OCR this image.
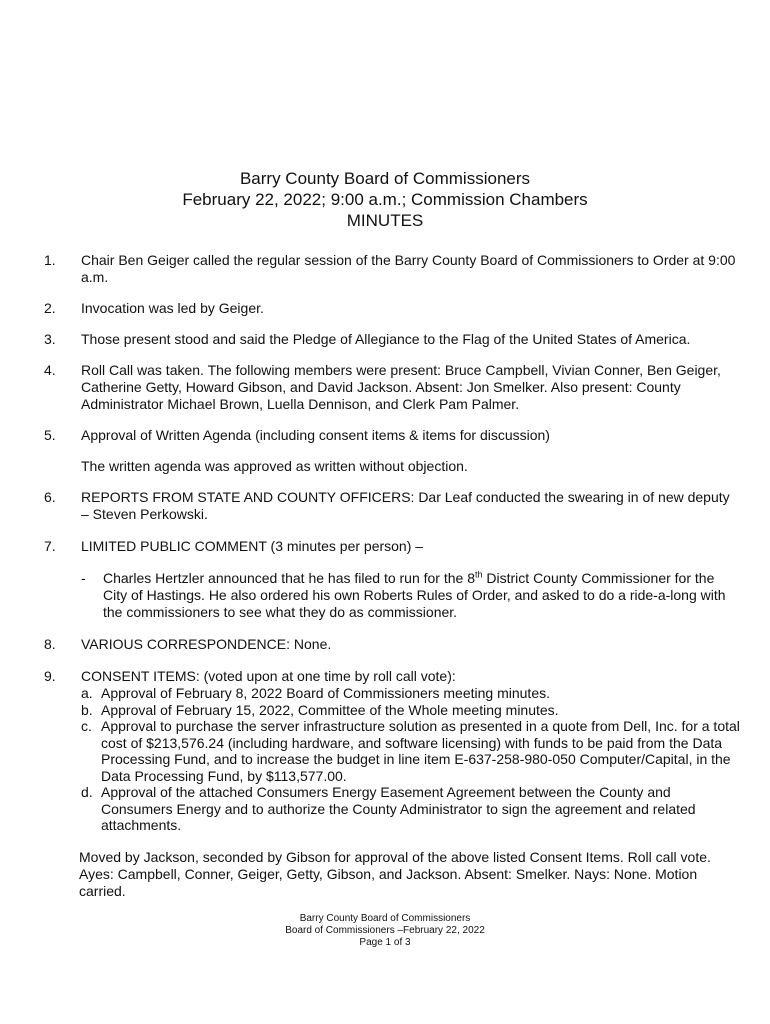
Barry County Board of Commissioners
February 22, 2022; 9:00 a.m.; Commission Chambers
MINUTES
1.	Chair Ben Geiger called the regular session of the Barry County Board of Commissioners to Order at 9:00 a.m.

2.	Invocation was led by Geiger.

3.	Those present stood and said the Pledge of Allegiance to the Flag of the United States of America.

4.	Roll Call was taken. The following members were present: Bruce Campbell, Vivian Conner, Ben Geiger, Catherine Getty, Howard Gibson, and David Jackson. Absent: Jon Smelker. Also present: County Administrator Michael Brown, Luella Dennison, and Clerk Pam Palmer.

5.	Approval of Written Agenda (including consent items & items for discussion)

The written agenda was approved as written without objection.

6.	REPORTS FROM STATE AND COUNTY OFFICERS: Dar Leaf conducted the swearing in of new deputy – Steven Perkowski.

7.	LIMITED PUBLIC COMMENT (3 minutes per person) –

- Charles Hertzler announced that he has filed to run for the 8th District County Commissioner for the City of Hastings. He also ordered his own Roberts Rules of Order, and asked to do a ride-a-long with the commissioners to see what they do as commissioner.
8.	VARIOUS CORRESPONDENCE: None.

9.	CONSENT ITEMS: (voted upon at one time by roll call vote):

a. Approval of February 8, 2022 Board of Commissioners meeting minutes.
b. Approval of February 15, 2022, Committee of the Whole meeting minutes.
c. Approval to purchase the server infrastructure solution as presented in a quote from Dell, Inc. for a total cost of $213,576.24 (including hardware, and software licensing) with funds to be paid from the Data Processing Fund, and to increase the budget in line item E-637-258-980-050 Computer/Capital, in the Data Processing Fund, by $113,577.00.
d. Approval of the attached Consumers Energy Easement Agreement between the County and Consumers Energy and to authorize the County Administrator to sign the agreement and related attachments.
Moved by Jackson, seconded by Gibson for approval of the above listed Consent Items. Roll call vote. Ayes: Campbell, Conner, Geiger, Getty, Gibson, and Jackson. Absent: Smelker. Nays: None. Motion carried.
Barry County Board of Commissioners
Board of Commissioners –February 22, 2022
Page 1 of 3
